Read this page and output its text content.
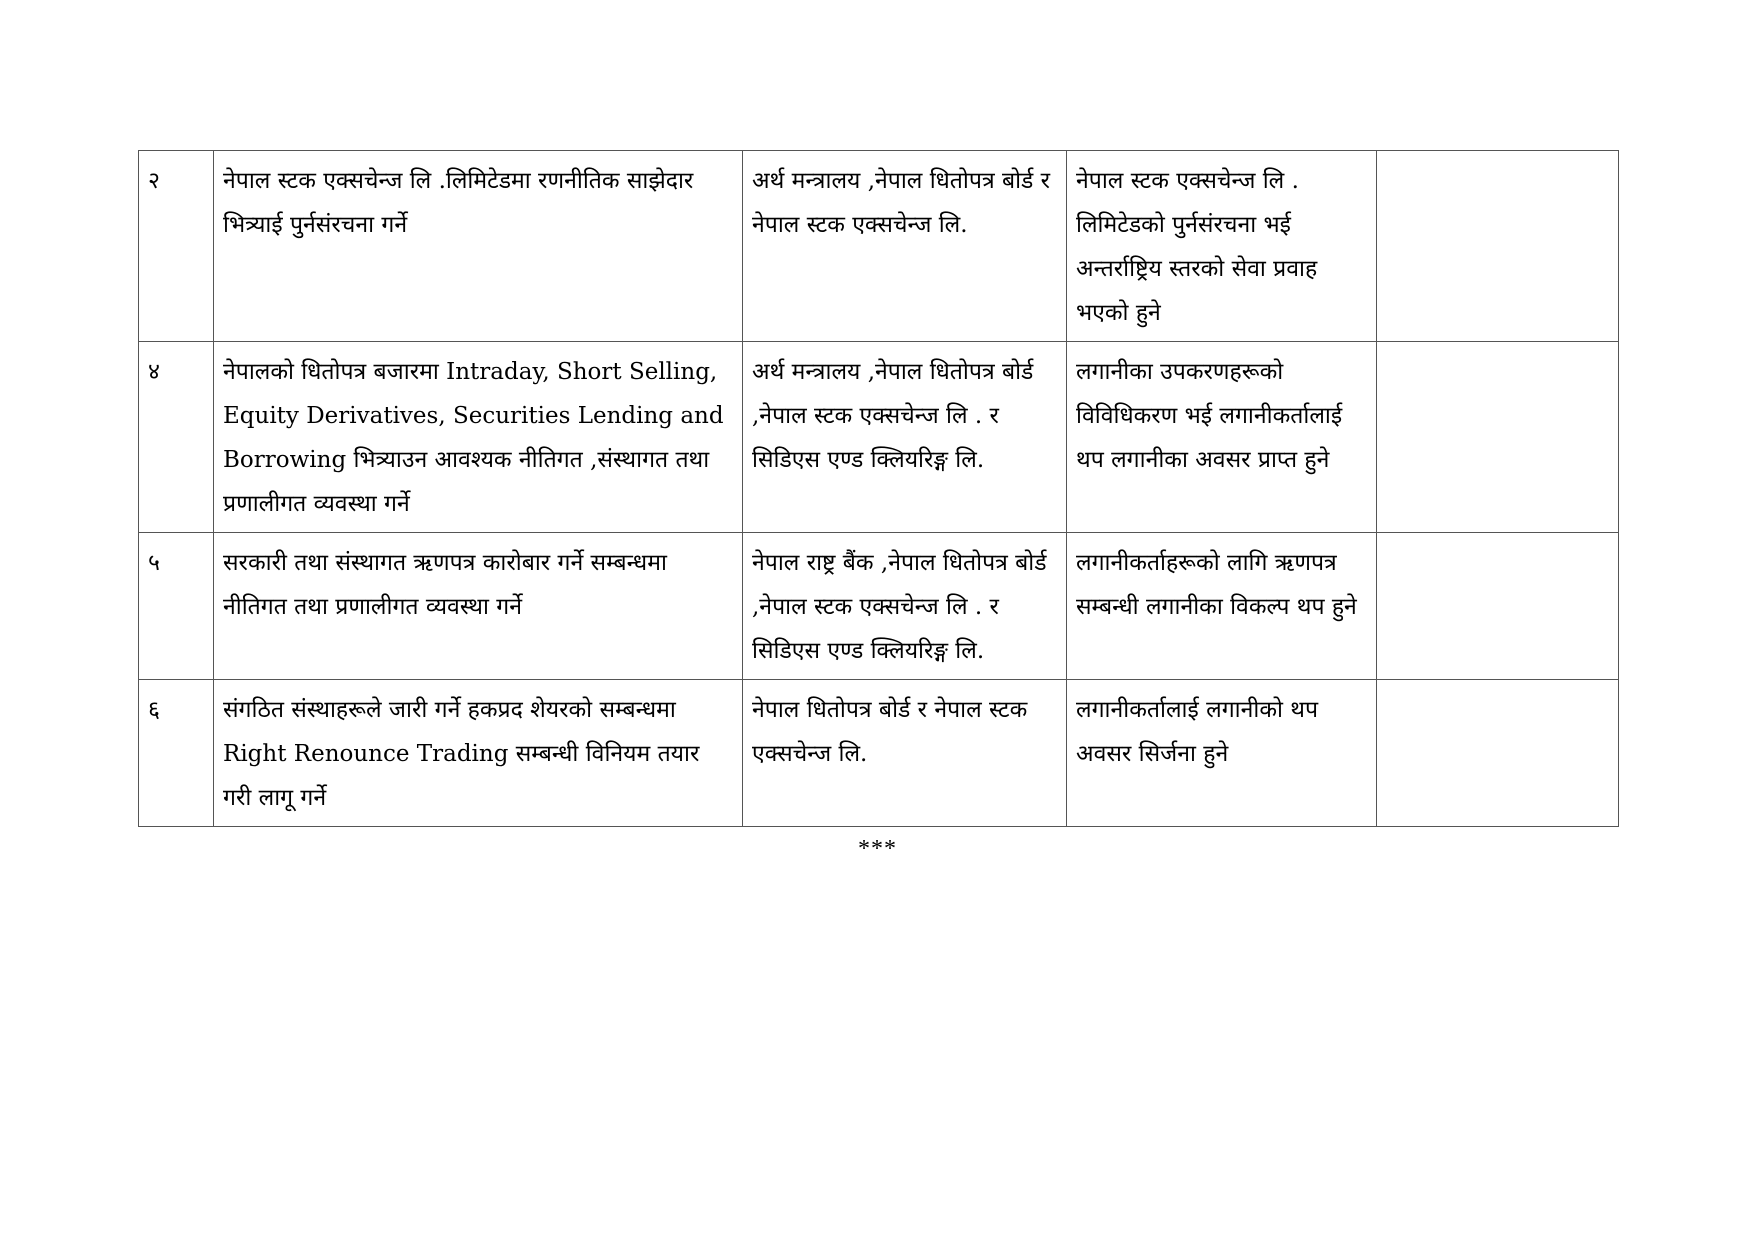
२	नेपाल स्टक एक्सचेन्ज लि .लिमिटेडमा रणनीतिक साझेदार भित्र्याई पुर्नसंरचना गर्ने	अर्थ मन्त्रालय ,नेपाल धितोपत्र बोर्ड र नेपाल स्टक एक्सचेन्ज लि.	नेपाल स्टक एक्सचेन्ज लि . लिमिटेडको पुर्नसंरचना भई अन्तर्राष्ट्रिय स्तरको सेवा प्रवाह भएको हुने	
४	नेपालको धितोपत्र बजारमा Intraday, Short Selling, Equity Derivatives, Securities Lending and Borrowing भित्र्याउन आवश्यक नीतिगत ,संस्थागत तथा प्रणालीगत व्यवस्था गर्ने	अर्थ मन्त्रालय ,नेपाल धितोपत्र बोर्ड ,नेपाल स्टक एक्सचेन्ज लि . र सिडिएस एण्ड क्लियरिङ्ग लि.	लगानीका उपकरणहरूको विविधिकरण भई लगानीकर्तालाई थप लगानीका अवसर प्राप्त हुने	
५	सरकारी तथा संस्थागत ऋणपत्र कारोबार गर्ने सम्बन्धमा नीतिगत तथा प्रणालीगत व्यवस्था गर्ने	नेपाल राष्ट्र बैंक ,नेपाल धितोपत्र बोर्ड ,नेपाल स्टक एक्सचेन्ज लि . र सिडिएस एण्ड क्लियरिङ्ग लि.	लगानीकर्ताहरूको लागि ऋणपत्र सम्बन्धी लगानीका विकल्प थप हुने	
६	संगठित संस्थाहरूले जारी गर्ने हकप्रद शेयरको सम्बन्धमा Right Renounce Trading सम्बन्धी विनियम तयार गरी लागू गर्ने	नेपाल धितोपत्र बोर्ड र नेपाल स्टक एक्सचेन्ज लि.	लगानीकर्तालाई लगानीको थप अवसर सिर्जना हुने	
***
